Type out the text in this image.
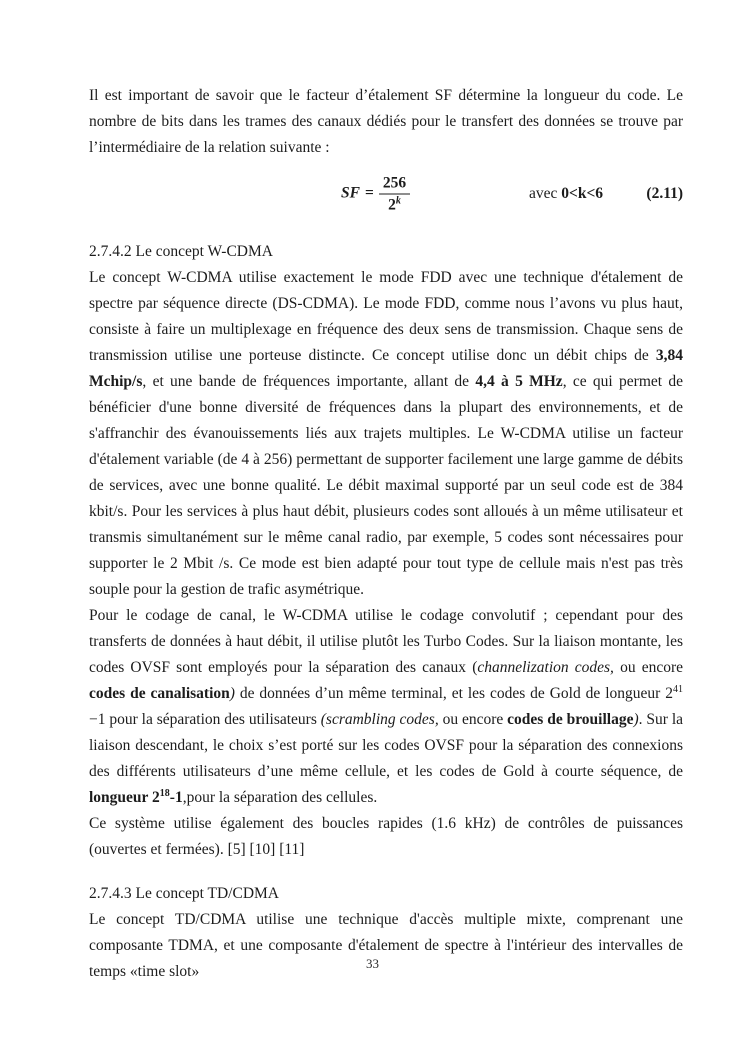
Il est important de savoir que le facteur d’étalement SF détermine la longueur du code. Le nombre de bits dans les trames des canaux dédiés pour le transfert des données se trouve par l’intermédiaire de la relation suivante :

SF = $\frac{256}{2^k}$	avec 0<k<6	(2.11)

2.7.4.2 Le concept W-CDMA

Le concept W-CDMA utilise exactement le mode FDD avec une technique d'étalement de spectre par séquence directe (DS-CDMA). Le mode FDD, comme nous l’avons vu plus haut, consiste à faire un multiplexage en fréquence des deux sens de transmission. Chaque sens de transmission utilise une porteuse distincte. Ce concept utilise donc un débit chips de 3,84 Mchip/s, et une bande de fréquences importante, allant de 4,4 à 5 MHz, ce qui permet de bénéficier d'une bonne diversité de fréquences dans la plupart des environnements, et de s'affranchir des évanouissements liés aux trajets multiples. Le W-CDMA utilise un facteur d'étalement variable (de 4 à 256) permettant de supporter facilement une large gamme de débits de services, avec une bonne qualité. Le débit maximal supporté par un seul code est de 384 kbit/s. Pour les services à plus haut débit, plusieurs codes sont alloués à un même utilisateur et transmis simultanément sur le même canal radio, par exemple, 5 codes sont nécessaires pour supporter le 2 Mbit /s. Ce mode est bien adapté pour tout type de cellule mais n'est pas très souple pour la gestion de trafic asymétrique.

Pour le codage de canal, le W-CDMA utilise le codage convolutif ; cependant pour des transferts de données à haut débit, il utilise plutôt les Turbo Codes. Sur la liaison montante, les codes OVSF sont employés pour la séparation des canaux (channelization codes, ou encore codes de canalisation) de données d’un même terminal, et les codes de Gold de longueur $2^{41} -1$ pour la séparation des utilisateurs (scrambling codes, ou encore codes de brouillage). Sur la liaison descendant, le choix s’est porté sur les codes OVSF pour la séparation des connexions des différents utilisateurs d’une même cellule, et les codes de Gold à courte séquence, de longueur $2^{18}-1,pour$ la séparation des cellules.

Ce système utilise également des boucles rapides (1.6 kHz) de contrôles de puissances (ouvertes et fermées). [5] [10] [11]

2.7.4.3 Le concept TD/CDMA

Le concept TD/CDMA utilise une technique d'accès multiple mixte, comprenant une composante TDMA, et une composante d'étalement de spectre à l'intérieur des intervalles de temps «time slot»	33
